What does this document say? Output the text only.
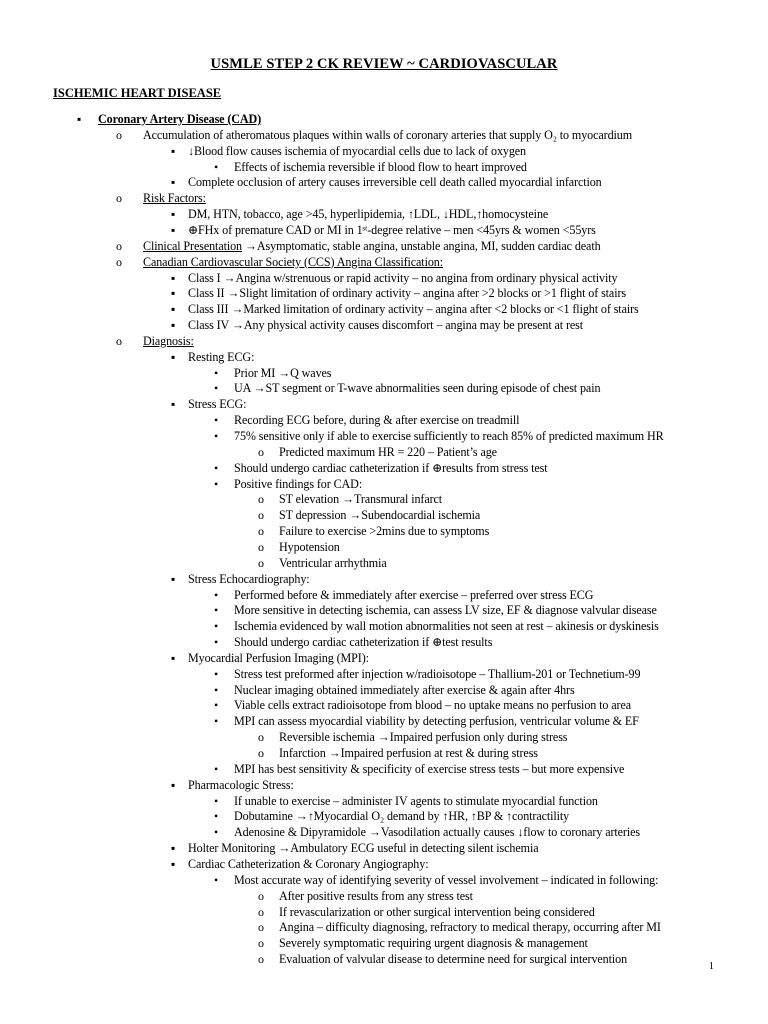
USMLE STEP 2 CK REVIEW ~ CARDIOVASCULAR
ISCHEMIC HEART DISEASE
▪ Coronary Artery Disease (CAD)
o Accumulation of atheromatous plaques within walls of coronary arteries that supply O₂ to myocardium
▪ ↓Blood flow causes ischemia of myocardial cells due to lack of oxygen
• Effects of ischemia reversible if blood flow to heart improved
▪ Complete occlusion of artery causes irreversible cell death called myocardial infarction
o Risk Factors:
▪ DM, HTN, tobacco, age >45, hyperlipidemia, ↑LDL, ↓HDL,↑homocysteine
▪ ⊕FHx of premature CAD or MI in 1ˢᵗ-degree relative – men <45yrs & women <55yrs
o Clinical Presentation →Asymptomatic, stable angina, unstable angina, MI, sudden cardiac death
o Canadian Cardiovascular Society (CCS) Angina Classification:
▪ Class I →Angina w/strenuous or rapid activity – no angina from ordinary physical activity
▪ Class II →Slight limitation of ordinary activity – angina after >2 blocks or >1 flight of stairs
▪ Class III →Marked limitation of ordinary activity – angina after <2 blocks or <1 flight of stairs
▪ Class IV →Any physical activity causes discomfort – angina may be present at rest
o Diagnosis:
▪ Resting ECG:
• Prior MI →Q waves
• UA →ST segment or T-wave abnormalities seen during episode of chest pain
▪ Stress ECG:
• Recording ECG before, during & after exercise on treadmill
• 75% sensitive only if able to exercise sufficiently to reach 85% of predicted maximum HR
o Predicted maximum HR = 220 – Patient’s age
• Should undergo cardiac catheterization if ⊕results from stress test
• Positive findings for CAD:
o ST elevation →Transmural infarct
o ST depression →Subendocardial ischemia
o Failure to exercise >2mins due to symptoms
o Hypotension
o Ventricular arrhythmia
▪ Stress Echocardiography:
• Performed before & immediately after exercise – preferred over stress ECG
• More sensitive in detecting ischemia, can assess LV size, EF & diagnose valvular disease
• Ischemia evidenced by wall motion abnormalities not seen at rest – akinesis or dyskinesis
• Should undergo cardiac catheterization if ⊕test results
▪ Myocardial Perfusion Imaging (MPI):
• Stress test preformed after injection w/radioisotope – Thallium-201 or Technetium-99
• Nuclear imaging obtained immediately after exercise & again after 4hrs
• Viable cells extract radioisotope from blood – no uptake means no perfusion to area
• MPI can assess myocardial viability by detecting perfusion, ventricular volume & EF
o Reversible ischemia →Impaired perfusion only during stress
o Infarction →Impaired perfusion at rest & during stress
• MPI has best sensitivity & specificity of exercise stress tests – but more expensive
▪ Pharmacologic Stress:
• If unable to exercise – administer IV agents to stimulate myocardial function
• Dobutamine →↑Myocardial O₂ demand by ↑HR, ↑BP & ↑contractility
• Adenosine & Dipyramidole →Vasodilation actually causes ↓flow to coronary arteries
▪ Holter Monitoring →Ambulatory ECG useful in detecting silent ischemia
▪ Cardiac Catheterization & Coronary Angiography:
• Most accurate way of identifying severity of vessel involvement – indicated in following:
o After positive results from any stress test
o If revascularization or other surgical intervention being considered
o Angina – difficulty diagnosing, refractory to medical therapy, occurring after MI
o Severely symptomatic requiring urgent diagnosis & management
o Evaluation of valvular disease to determine need for surgical intervention
1
